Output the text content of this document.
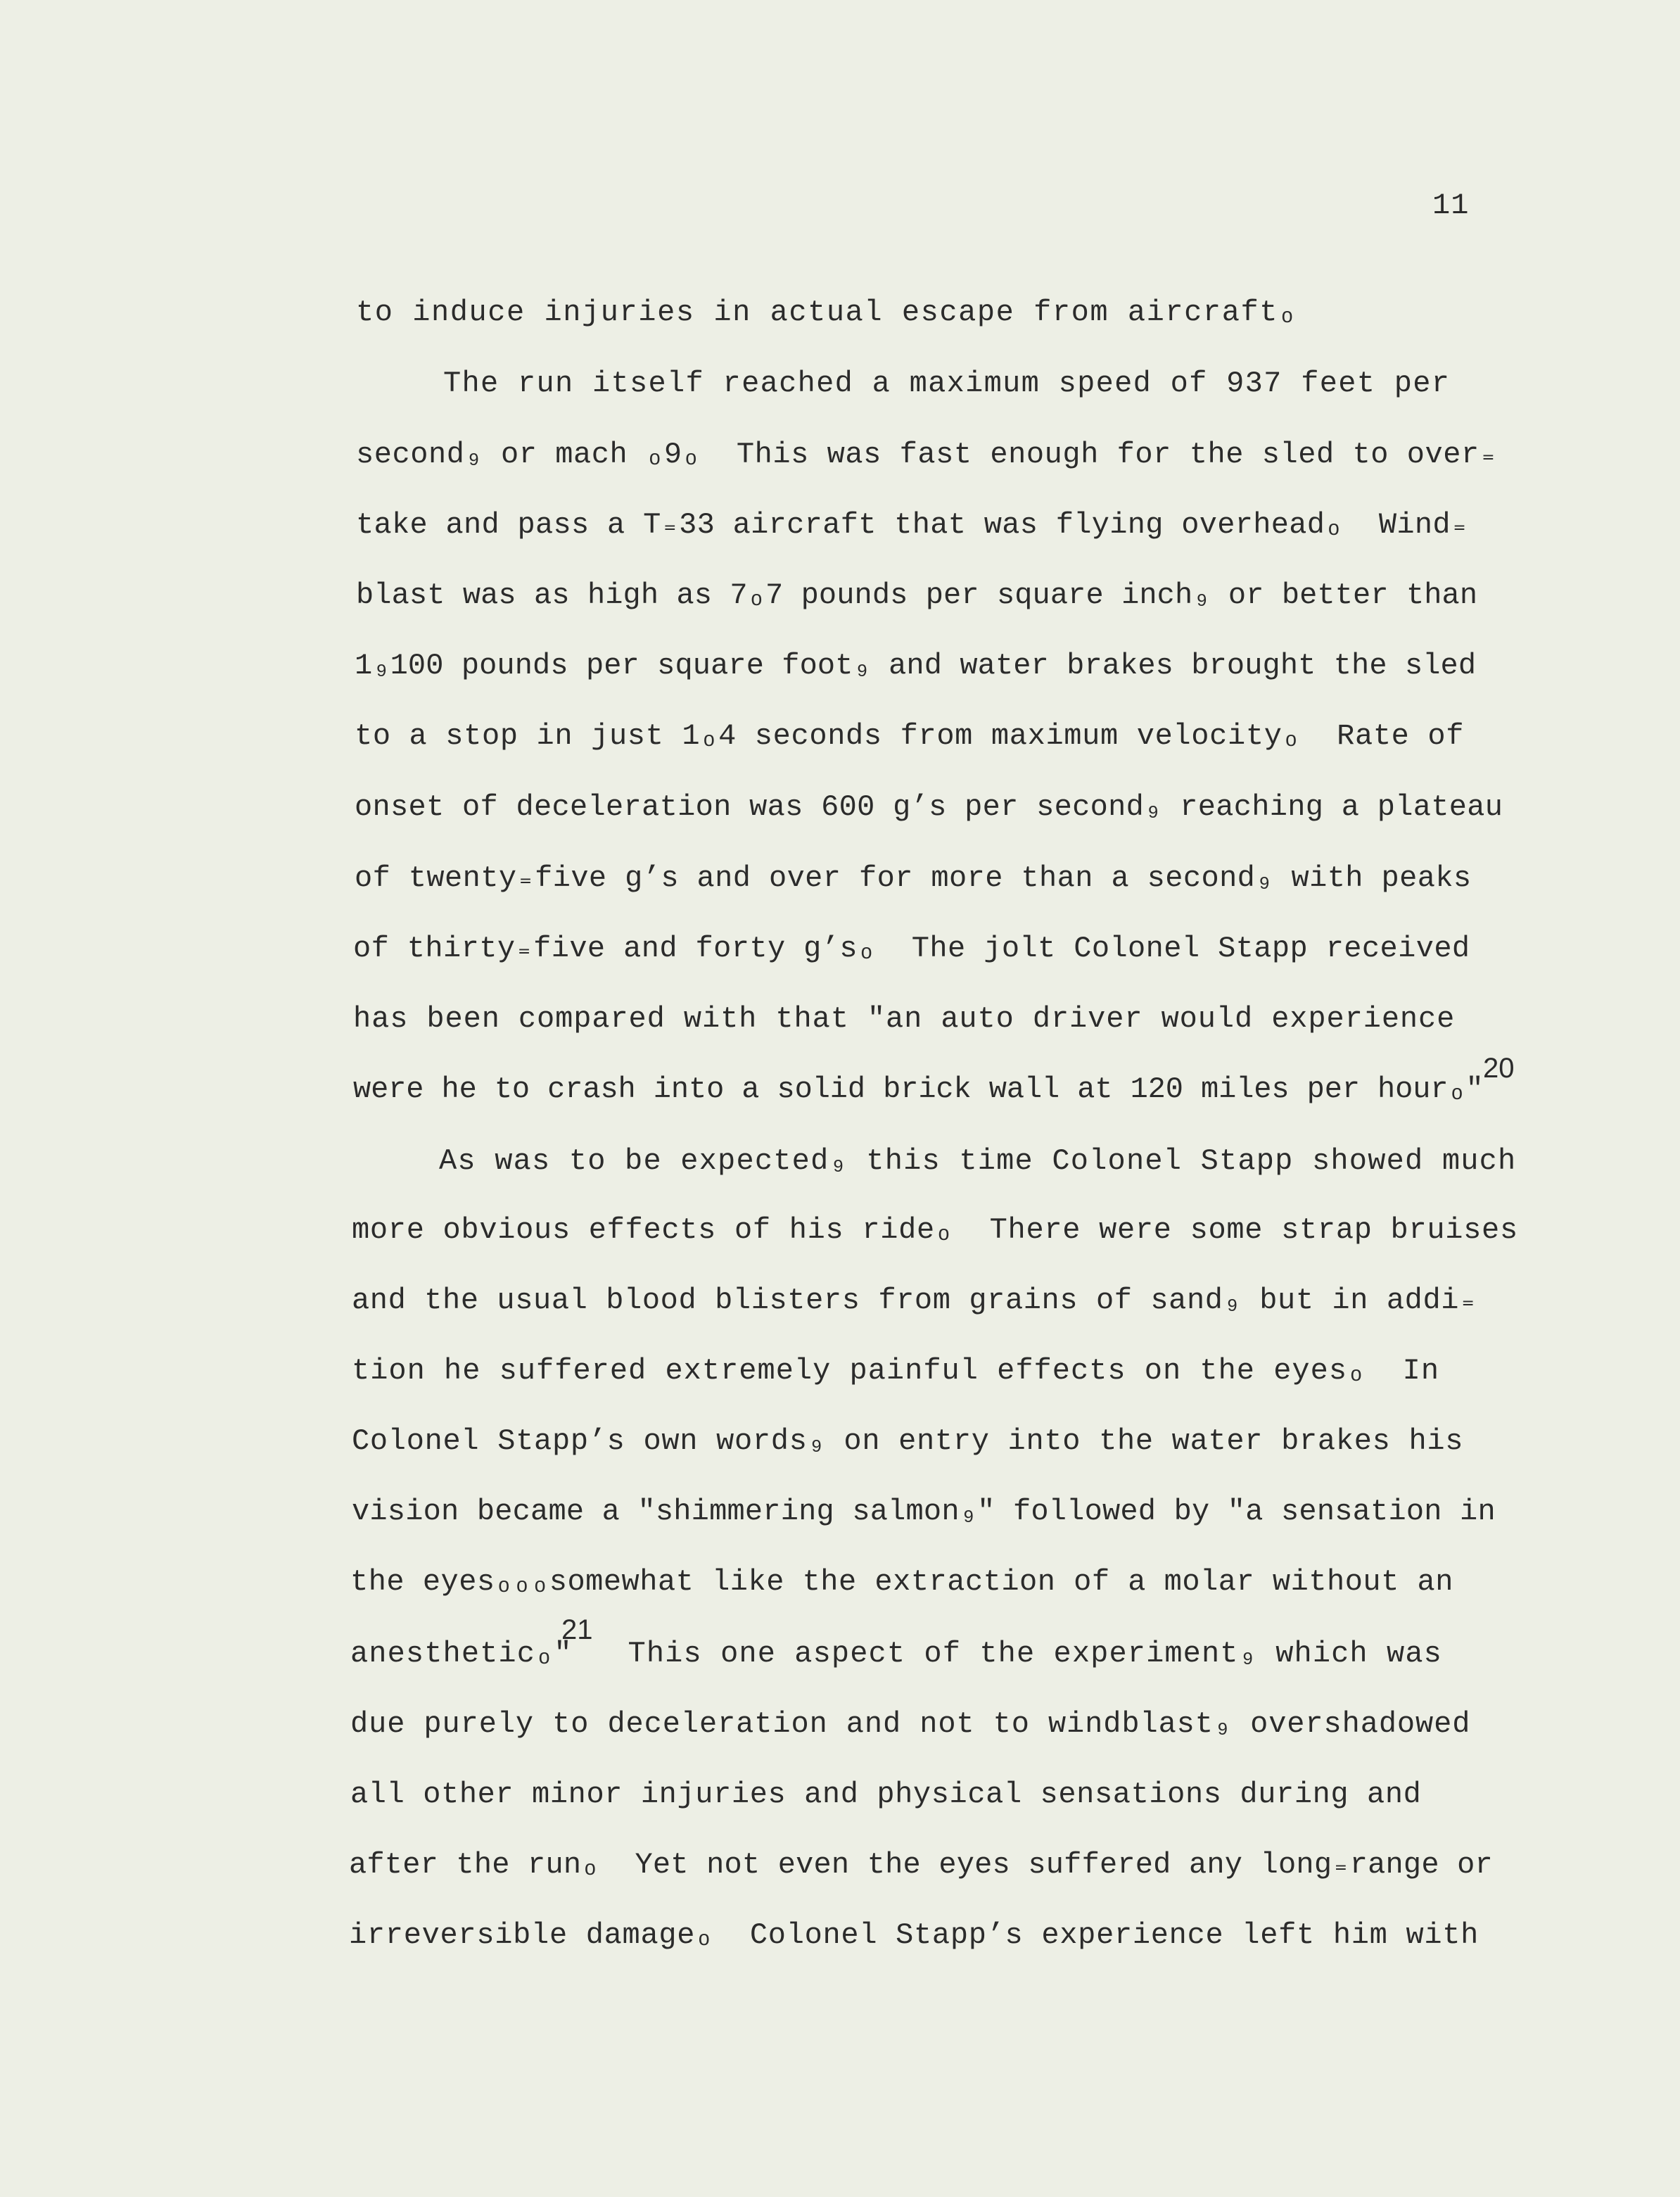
11
to induce injuries in actual escape from aircraftₒ
The run itself reached a maximum speed of 937 feet per
second₉ or mach ₒ9ₒ  This was fast enough for the sled to over₌
take and pass a T₌33 aircraft that was flying overheadₒ  Wind₌
blast was as high as 7ₒ7 pounds per square inch₉ or better than
1₉100 pounds per square foot₉ and water brakes brought the sled
to a stop in just 1ₒ4 seconds from maximum velocityₒ  Rate of
onset of deceleration was 600 g’s per second₉ reaching a plateau
of twenty₌five g’s and over for more than a second₉ with peaks
of thirty₌five and forty g’sₒ  The jolt Colonel Stapp received
has been compared with that "an auto driver would experience
were he to crash into a solid brick wall at 120 miles per hourₒ"
20
As was to be expected₉ this time Colonel Stapp showed much
more obvious effects of his rideₒ  There were some strap bruises
and the usual blood blisters from grains of sand₉ but in addi₌
tion he suffered extremely painful effects on the eyesₒ  In
Colonel Stapp’s own words₉ on entry into the water brakes his
vision became a "shimmering salmon₉" followed by "a sensation in
the eyesₒₒₒsomewhat like the extraction of a molar without an
anestheticₒ"   This one aspect of the experiment₉ which was
21
due purely to deceleration and not to windblast₉ overshadowed
all other minor injuries and physical sensations during and
after the runₒ  Yet not even the eyes suffered any long₌range or
irreversible damageₒ  Colonel Stapp’s experience left him with
